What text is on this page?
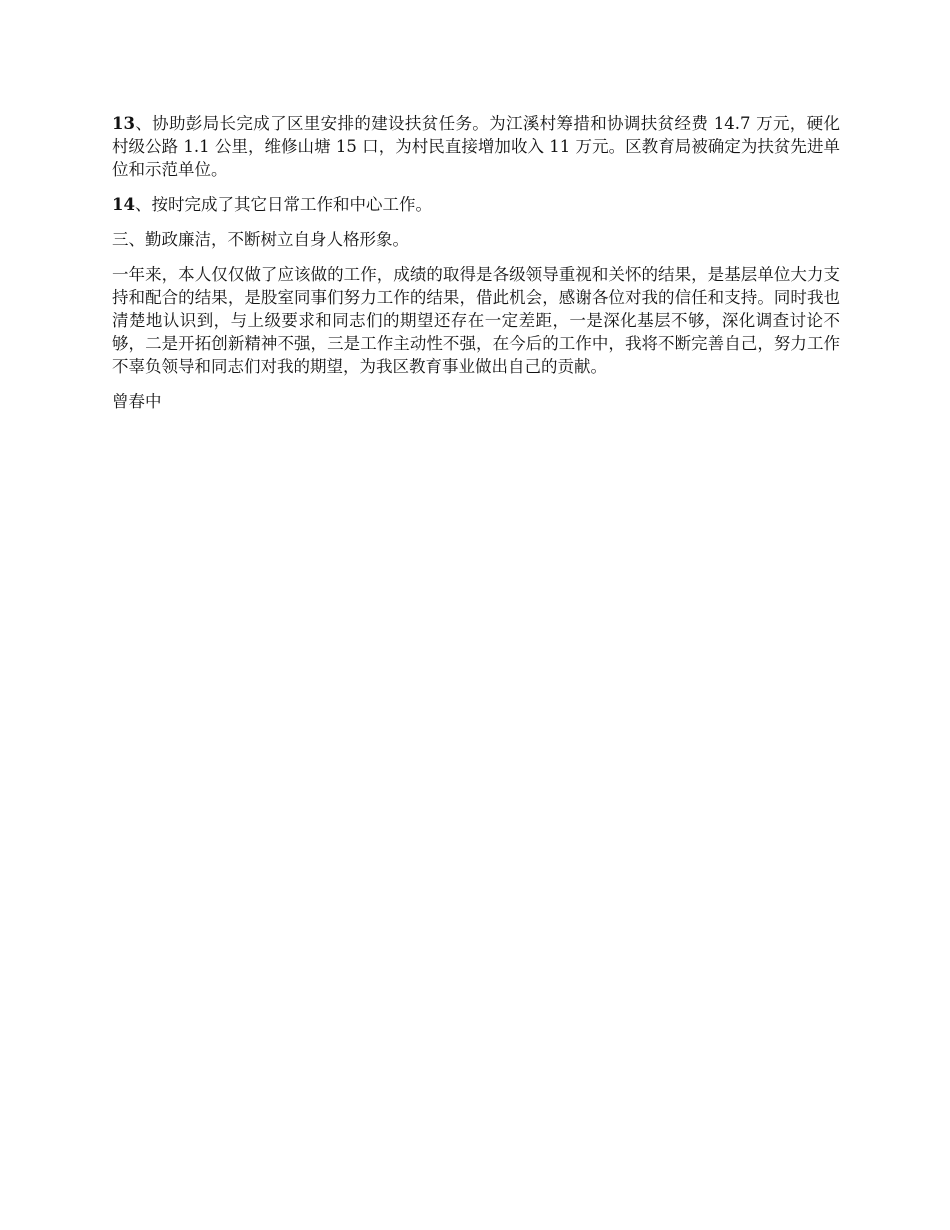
13、协助彭局长完成了区里安排的建设扶贫任务。为江溪村筹措和协调扶贫经费 14.7 万元，硬化村级公路 1.1 公里，维修山塘 15 口，为村民直接增加收入 11 万元。区教育局被确定为扶贫先进单位和示范单位。

14、按时完成了其它日常工作和中心工作。

三、勤政廉洁，不断树立自身人格形象。

一年来，本人仅仅做了应该做的工作，成绩的取得是各级领导重视和关怀的结果，是基层单位大力支持和配合的结果，是股室同事们努力工作的结果，借此机会，感谢各位对我的信任和支持。同时我也清楚地认识到，与上级要求和同志们的期望还存在一定差距，一是深化基层不够，深化调查讨论不够，二是开拓创新精神不强，三是工作主动性不强，在今后的工作中，我将不断完善自己，努力工作不辜负领导和同志们对我的期望，为我区教育事业做出自己的贡献。

曾春中
